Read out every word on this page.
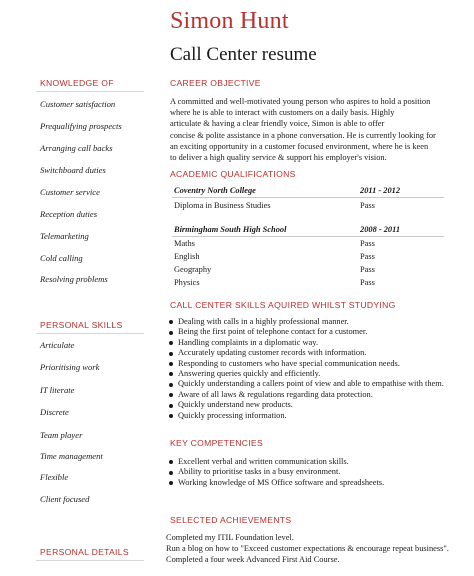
Simon Hunt
Call Center resume
KNOWLEDGE OF
Customer satisfaction
Prequalifying prospects
Arranging call backs
Switchboard duties
Customer service
Reception duties
Telemarketing
Cold calling
Resolving problems
PERSONAL SKILLS
Articulate
Prioritising work
IT literate
Discrete
Team player
Time management
Flexible
Client focused
PERSONAL DETAILS
CAREER OBJECTIVE
A committed and well-motivated young person who aspires to hold a position
where he is able to interact with customers on a daily basis. Highly
articulate & having a clear friendly voice, Simon is able to offer
concise & polite assistance in a phone conversation. He is currently looking for
an exciting opportunity in a customer focused environment, where he is keen
to deliver a high quality service & support his employer's vision.
ACADEMIC QUALIFICATIONS
Coventry North College	2011 - 2012
Diploma in Business Studies	Pass
Birmingham South High School	2008 - 2011
Maths	Pass
English	Pass
Geography	Pass
Physics	Pass
CALL CENTER SKILLS AQUIRED WHILST STUDYING
Dealing with calls in a highly professional manner.
Being the first point of telephone contact for a customer.
Handling complaints in a diplomatic way.
Accurately updating customer records with information.
Responding to customers who have special communication needs.
Answering queries quickly and efficiently.
Quickly understanding a callers point of view and able to empathise with them.
Aware of all laws & regulations regarding data protection.
Quickly understand new products.
Quickly processing information.
KEY COMPETENCIES
Excellent verbal and written communication skills.
Ability to prioritise tasks in a busy environment.
Working knowledge of MS Office software and spreadsheets.
SELECTED ACHIEVEMENTS
Completed my ITIL Foundation level.
Run a blog on how to "Exceed customer expectations & encourage repeat business".
Completed a four week Advanced First Aid Course.
